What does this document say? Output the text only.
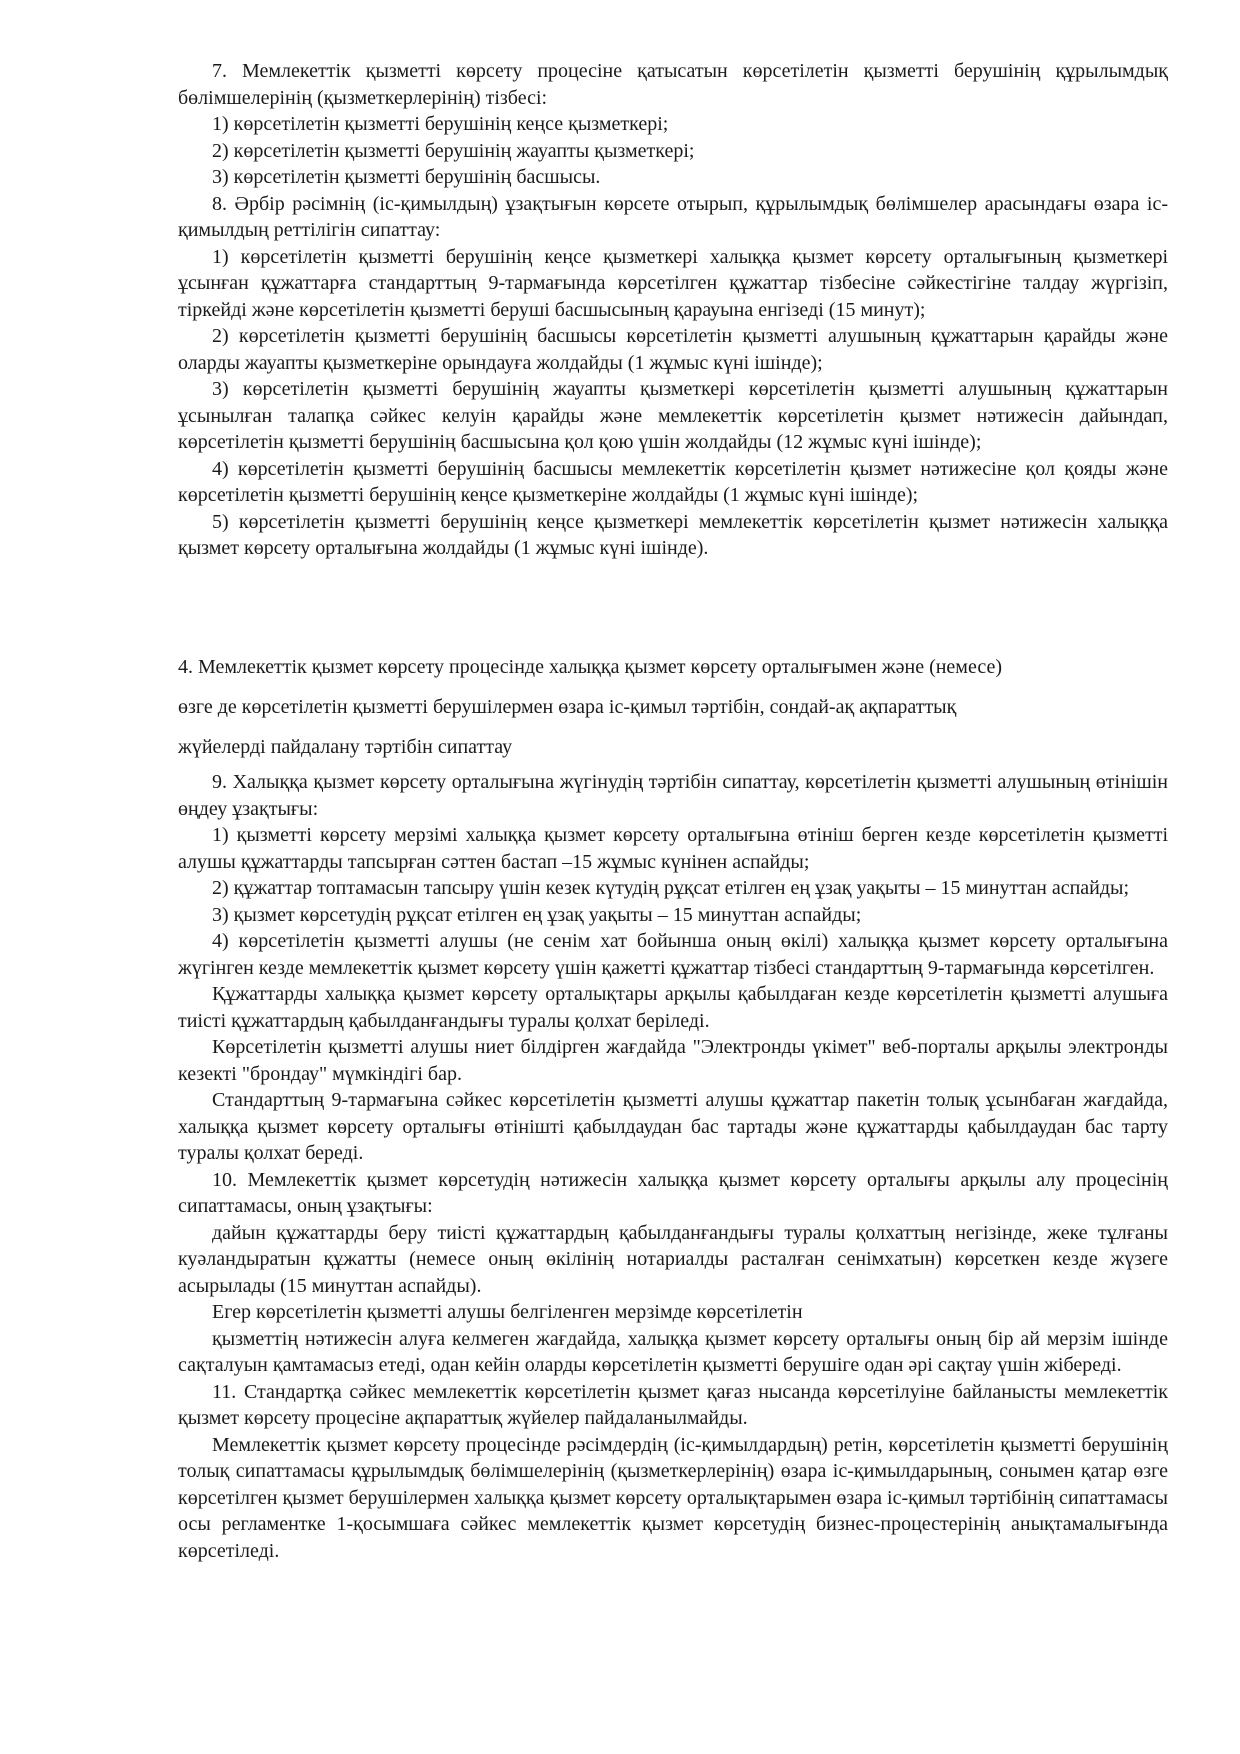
7. Мемлекеттік қызметті көрсету процесіне қатысатын көрсетілетін қызметті берушінің құрылымдық бөлімшелерінің (қызметкерлерінің) тізбесі:

1) көрсетілетін қызметті берушінің кеңсе қызметкері;

2) көрсетілетін қызметті берушінің жауапты қызметкері;

3) көрсетілетін қызметті берушінің басшысы.

8. Әрбір рәсімнің (іс-қимылдың) ұзақтығын көрсете отырып, құрылымдық бөлімшелер арасындағы өзара іс-қимылдың реттілігін сипаттау:

1) көрсетілетін қызметті берушінің кеңсе қызметкері халыққа қызмет көрсету орталығының қызметкері ұсынған құжаттарға стандарттың 9-тармағында көрсетілген құжаттар тізбесіне сәйкестігіне талдау жүргізіп, тіркейді және көрсетілетін қызметті беруші басшысының қарауына енгізеді (15 минут);

2) көрсетілетін қызметті берушінің басшысы көрсетілетін қызметті алушының құжаттарын қарайды және оларды жауапты қызметкеріне орындауға жолдайды (1 жұмыс күні ішінде);

3) көрсетілетін қызметті берушінің жауапты қызметкері көрсетілетін қызметті алушының құжаттарын ұсынылған талапқа сәйкес келуін қарайды және мемлекеттік көрсетілетін қызмет нәтижесін дайындап, көрсетілетін қызметті берушінің басшысына қол қою үшін жолдайды (12 жұмыс күні ішінде);

4) көрсетілетін қызметті берушінің басшысы мемлекеттік көрсетілетін қызмет нәтижесіне қол қояды және көрсетілетін қызметті берушінің кеңсе қызметкеріне жолдайды (1 жұмыс күні ішінде);

5) көрсетілетін қызметті берушінің кеңсе қызметкері мемлекеттік көрсетілетін қызмет нәтижесін халыққа қызмет көрсету орталығына жолдайды (1 жұмыс күні ішінде).

4. Мемлекеттік қызмет көрсету процесінде халыққа қызмет көрсету орталығымен және (немесе)
өзге де көрсетілетін қызметті берушілермен өзара іс-қимыл тәртібін, сондай-ақ ақпараттық
жүйелерді пайдалану тәртібін сипаттау

9. Халыққа қызмет көрсету орталығына жүгінудің тәртібін сипаттау, көрсетілетін қызметті алушының өтінішін өңдеу ұзақтығы:

1) қызметті көрсету мерзімі халыққа қызмет көрсету орталығына өтініш берген кезде көрсетілетін қызметті алушы құжаттарды тапсырған сәттен бастап –15 жұмыс күнінен аспайды;

2) құжаттар топтамасын тапсыру үшін кезек күтудің рұқсат етілген ең ұзақ уақыты – 15 минуттан аспайды;

3) қызмет көрсетудің рұқсат етілген ең ұзақ уақыты – 15 минуттан аспайды;

4) көрсетілетін қызметті алушы (не сенім хат бойынша оның өкілі) халыққа қызмет көрсету орталығына жүгінген кезде мемлекеттік қызмет көрсету үшін қажетті құжаттар тізбесі стандарттың 9-тармағында көрсетілген.

Құжаттарды халыққа қызмет көрсету орталықтары арқылы қабылдаған кезде көрсетілетін қызметті алушыға тиісті құжаттардың қабылданғандығы туралы қолхат беріледі.

Көрсетілетін қызметті алушы ниет білдірген жағдайда "Электронды үкімет" веб-порталы арқылы электронды кезекті "брондау" мүмкіндігі бар.

Стандарттың 9-тармағына сәйкес көрсетілетін қызметті алушы құжаттар пакетін толық ұсынбаған жағдайда, халыққа қызмет көрсету орталығы өтінішті қабылдаудан бас тартады және құжаттарды қабылдаудан бас тарту туралы қолхат береді.

10. Мемлекеттік қызмет көрсетудің нәтижесін халыққа қызмет көрсету орталығы арқылы алу процесінің сипаттамасы, оның ұзақтығы:

дайын құжаттарды беру тиісті құжаттардың қабылданғандығы туралы қолхаттың негізінде, жеке тұлғаны куәландыратын құжатты (немесе оның өкілінің нотариалды расталған сенімхатын) көрсеткен кезде жүзеге асырылады (15 минуттан аспайды).

Егер көрсетілетін қызметті алушы белгіленген мерзімде көрсетілетін

қызметтің нәтижесін алуға келмеген жағдайда, халыққа қызмет көрсету орталығы оның бір ай мерзім ішінде сақталуын қамтамасыз етеді, одан кейін оларды көрсетілетін қызметті берушіге одан әрі сақтау үшін жібереді.

11. Стандартқа сәйкес мемлекеттік көрсетілетін қызмет қағаз нысанда көрсетілуіне байланысты мемлекеттік қызмет көрсету процесіне ақпараттық жүйелер пайдаланылмайды.

Мемлекеттік қызмет көрсету процесінде рәсімдердің (іс-қимылдардың) ретін, көрсетілетін қызметті берушінің толық сипаттамасы құрылымдық бөлімшелерінің (қызметкерлерінің) өзара іс-қимылдарының, сонымен қатар өзге көрсетілген қызмет берушілермен халыққа қызмет көрсету орталықтарымен өзара іс-қимыл тәртібінің сипаттамасы осы регламентке 1-қосымшаға сәйкес мемлекеттік қызмет көрсетудің бизнес-процестерінің анықтамалығында көрсетіледі.
